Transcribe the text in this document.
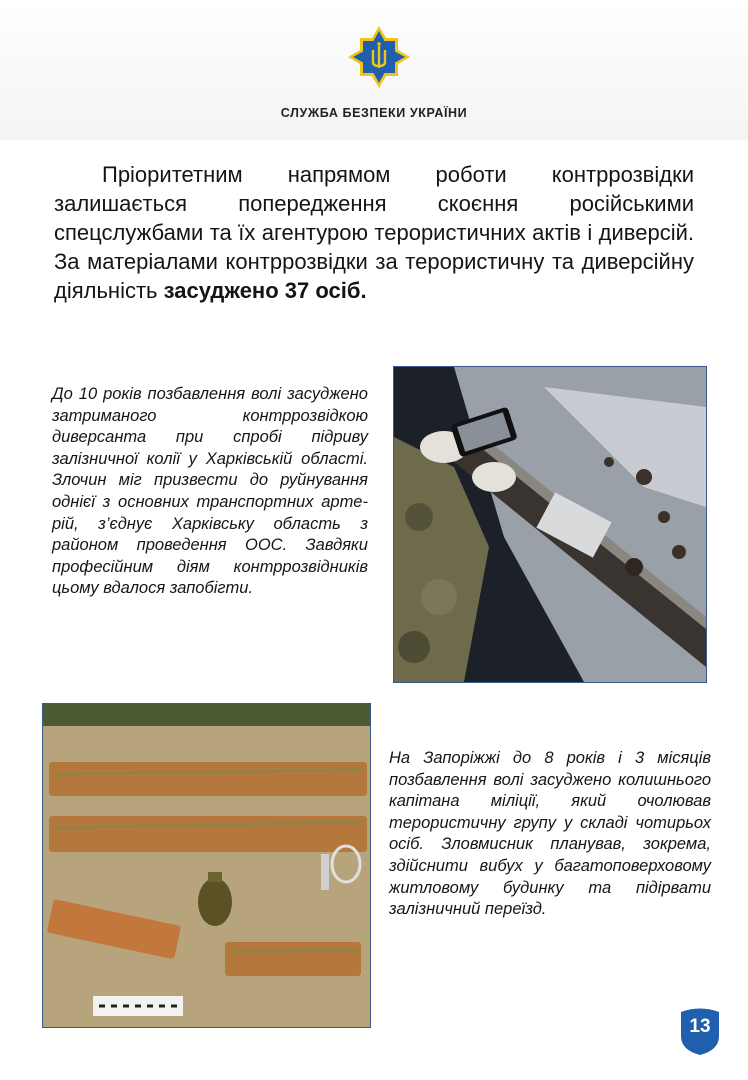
СЛУЖБА БЕЗПЕКИ УКРАЇНИ
Пріоритетним напрямом роботи контррозвідки залишається попередження скоєння російськими спецслужбами та їх агентурою терористичних актів і диверсій. За матеріалами контррозвідки за терористичну та диверсійну діяльність засуджено 37 осіб.
До 10 років позбавлення волі засуджено затриманого контррозвідкою диверсанта при спробі підриву залізничної колії у Харківській області. Злочин міг призвести до руйнування однієї з основних транспортних артерій, з’єднує Харківську область з районом проведення ООС. Завдяки професійним діям контррозвідників цьому вдалося запобігти.
На Запоріжжі до 8 років і 3 місяців позбавлення волі засуджено колишнього капітана міліції, який очолював терористичну групу у складі чотирьох осіб. Зловмисник планував, зокрема, здійснити вибух у багатоповерховому житловому будинку та підірвати залізничний переїзд.
13
